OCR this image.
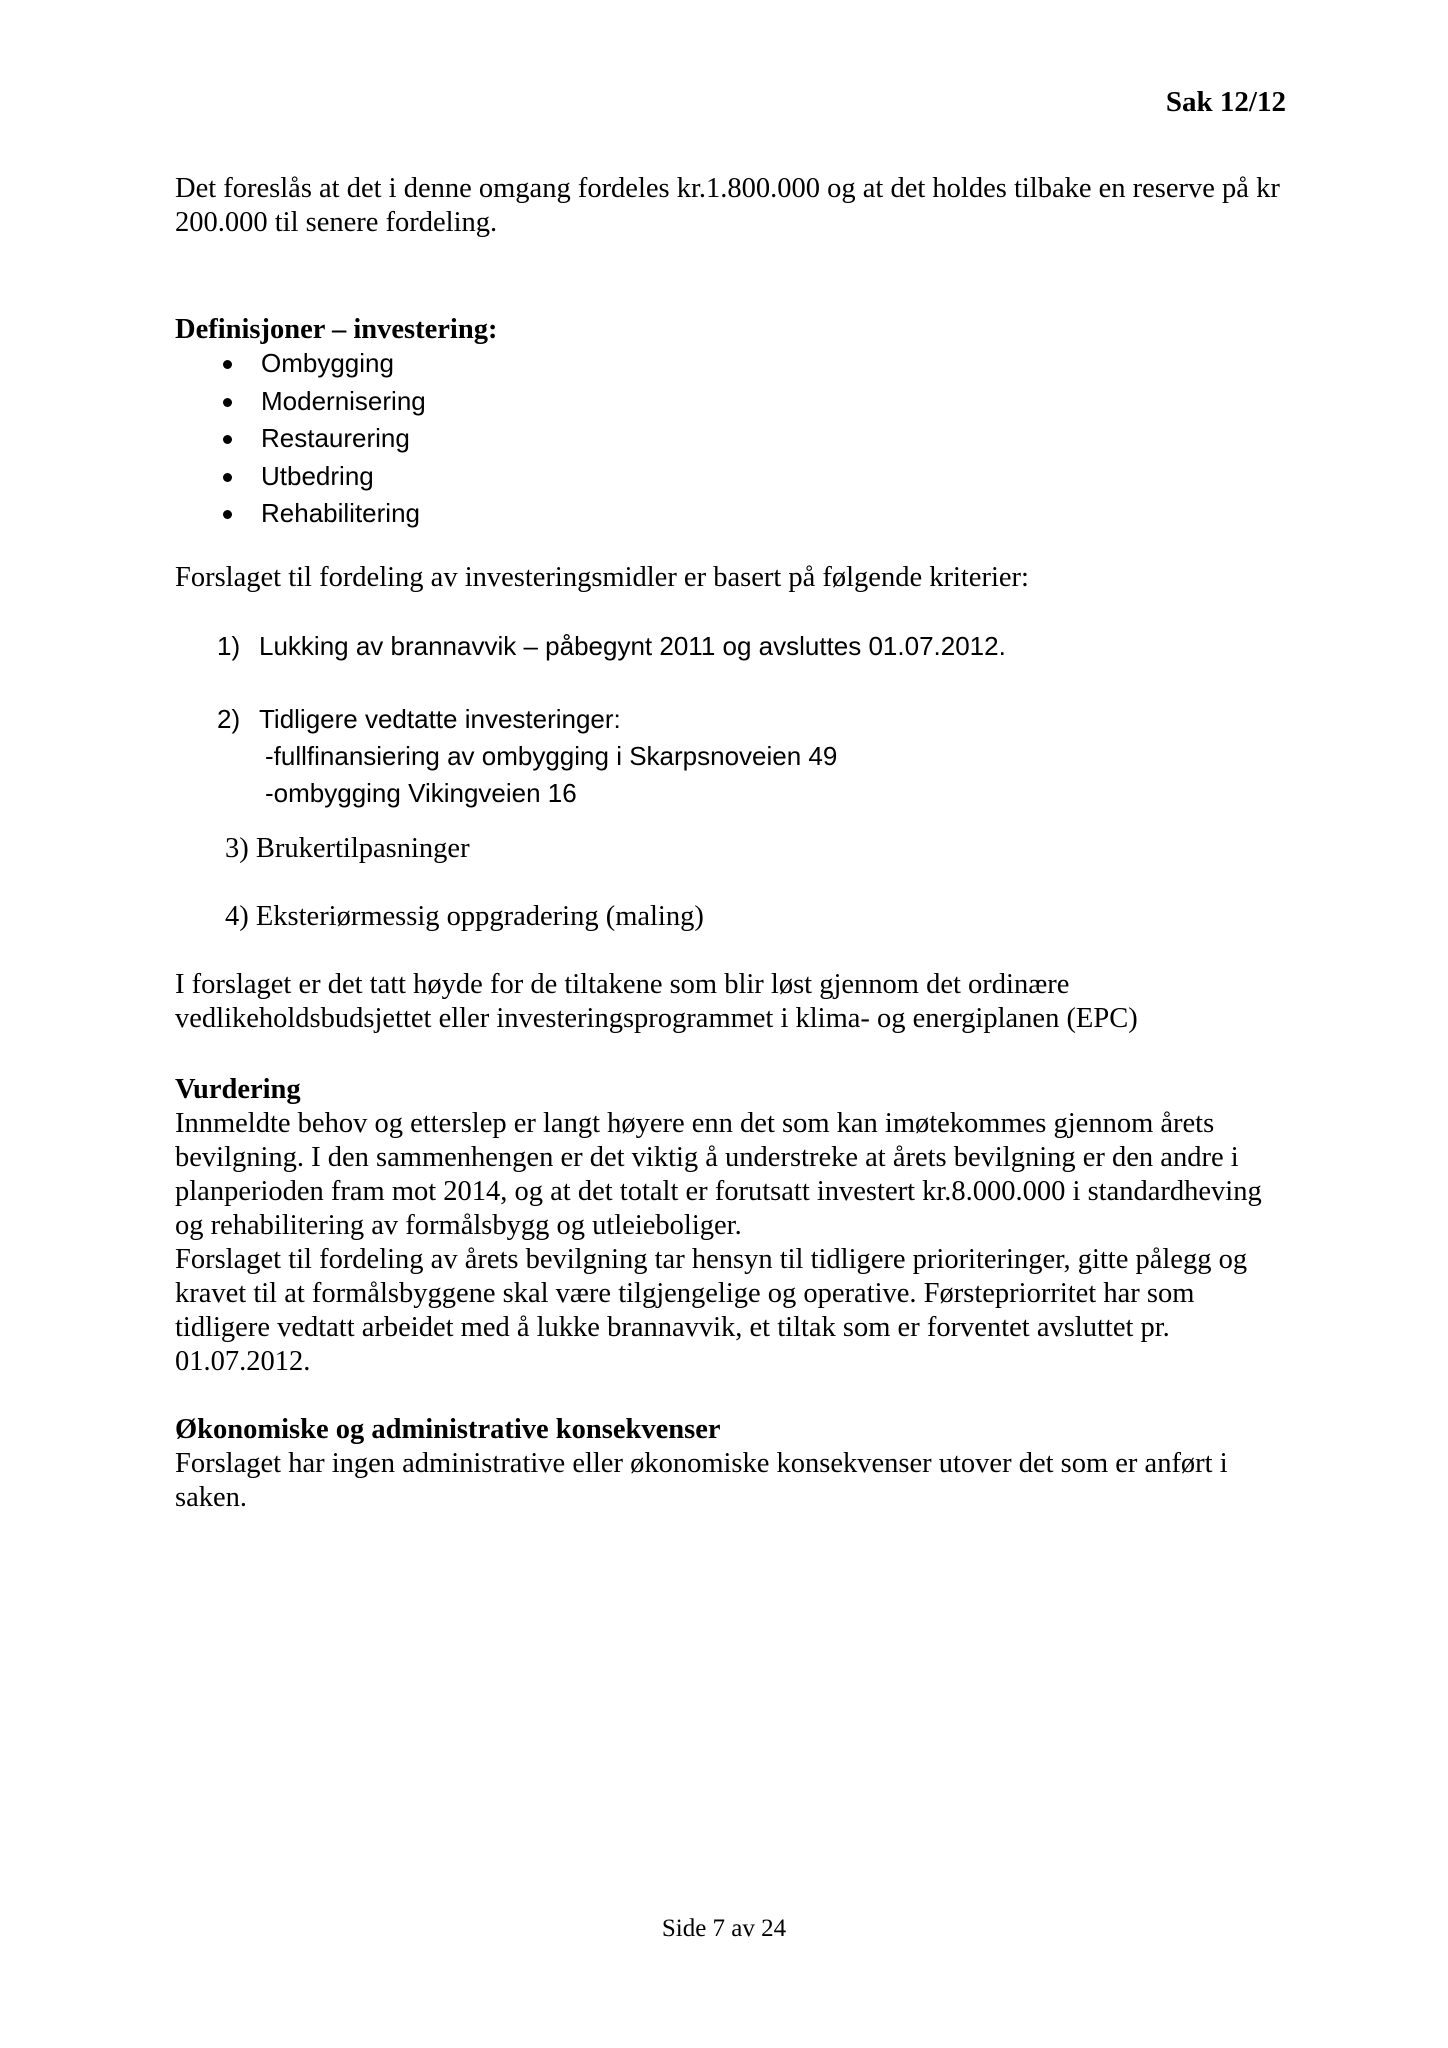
Sak 12/12

Det foreslås at det i denne omgang fordeles kr.1.800.000 og at det holdes tilbake en reserve på kr 200.000 til senere fordeling.

Definisjoner – investering:
Ombygging
Modernisering
Restaurering
Utbedring
Rehabilitering
Forslaget til fordeling av investeringsmidler er basert på følgende kriterier:
1) Lukking av brannavvik – påbegynt 2011 og avsluttes 01.07.2012.
2) Tidligere vedtatte investeringer:
-fullfinansiering av ombygging i Skarpsnoveien 49
-ombygging Vikingveien 16
3) Brukertilpasninger
4) Eksteriørmessig oppgradering (maling)

I forslaget er det tatt høyde for de tiltakene som blir løst gjennom det ordinære vedlikeholdsbudsjettet eller investeringsprogrammet i klima- og energiplanen (EPC)

Vurdering

Innmeldte behov og etterslep er langt høyere enn det som kan imøtekommes gjennom årets bevilgning. I den sammenhengen er det viktig å understreke at årets bevilgning er den andre i planperioden fram mot 2014, og at det totalt er forutsatt investert kr.8.000.000 i standardheving og rehabilitering av formålsbygg og utleieboliger.

Forslaget til fordeling av årets bevilgning tar hensyn til tidligere prioriteringer, gitte pålegg og kravet til at formålsbyggene skal være tilgjengelige og operative. Førstepriorritet har som tidligere vedtatt arbeidet med å lukke brannavvik, et tiltak som er forventet avsluttet pr. 01.07.2012.

Økonomiske og administrative konsekvenser

Forslaget har ingen administrative eller økonomiske konsekvenser utover det som er anført i saken.

Side 7 av 24
